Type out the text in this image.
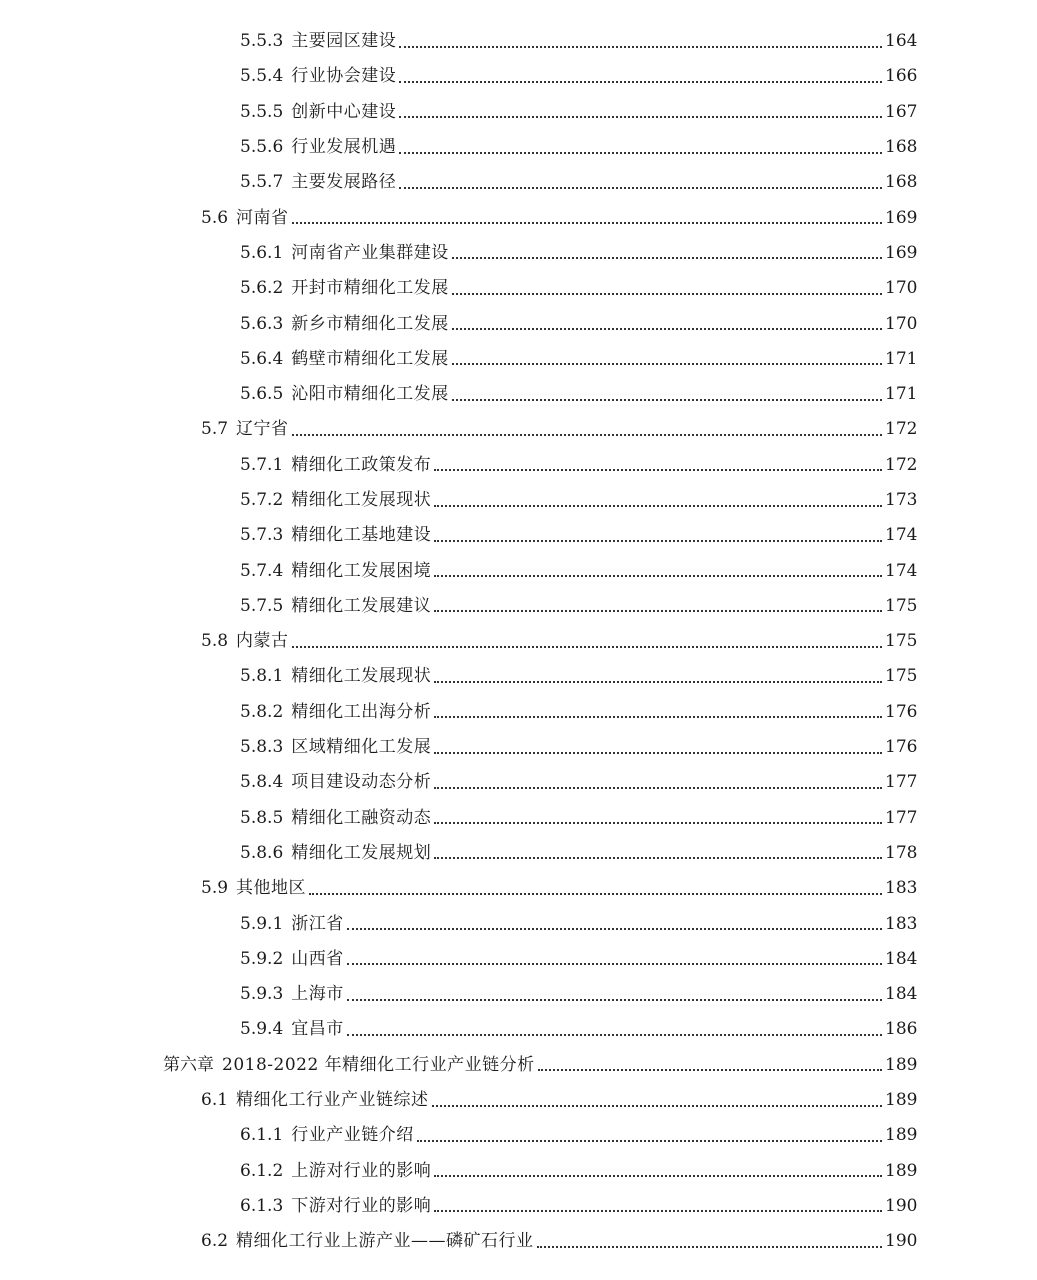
5.5.3 主要园区建设	164
5.5.4 行业协会建设	166
5.5.5 创新中心建设	167
5.5.6 行业发展机遇	168
5.5.7 主要发展路径	168
5.6 河南省	169
5.6.1 河南省产业集群建设	169
5.6.2 开封市精细化工发展	170
5.6.3 新乡市精细化工发展	170
5.6.4 鹤壁市精细化工发展	171
5.6.5 沁阳市精细化工发展	171
5.7 辽宁省	172
5.7.1 精细化工政策发布	172
5.7.2 精细化工发展现状	173
5.7.3 精细化工基地建设	174
5.7.4 精细化工发展困境	174
5.7.5 精细化工发展建议	175
5.8 内蒙古	175
5.8.1 精细化工发展现状	175
5.8.2 精细化工出海分析	176
5.8.3 区域精细化工发展	176
5.8.4 项目建设动态分析	177
5.8.5 精细化工融资动态	177
5.8.6 精细化工发展规划	178
5.9 其他地区	183
5.9.1 浙江省	183
5.9.2 山西省	184
5.9.3 上海市	184
5.9.4 宜昌市	186
第六章 2018-2022 年精细化工行业产业链分析	189
6.1 精细化工行业产业链综述	189
6.1.1 行业产业链介绍	189
6.1.2 上游对行业的影响	189
6.1.3 下游对行业的影响	190
6.2 精细化工行业上游产业——磷矿石行业	190
